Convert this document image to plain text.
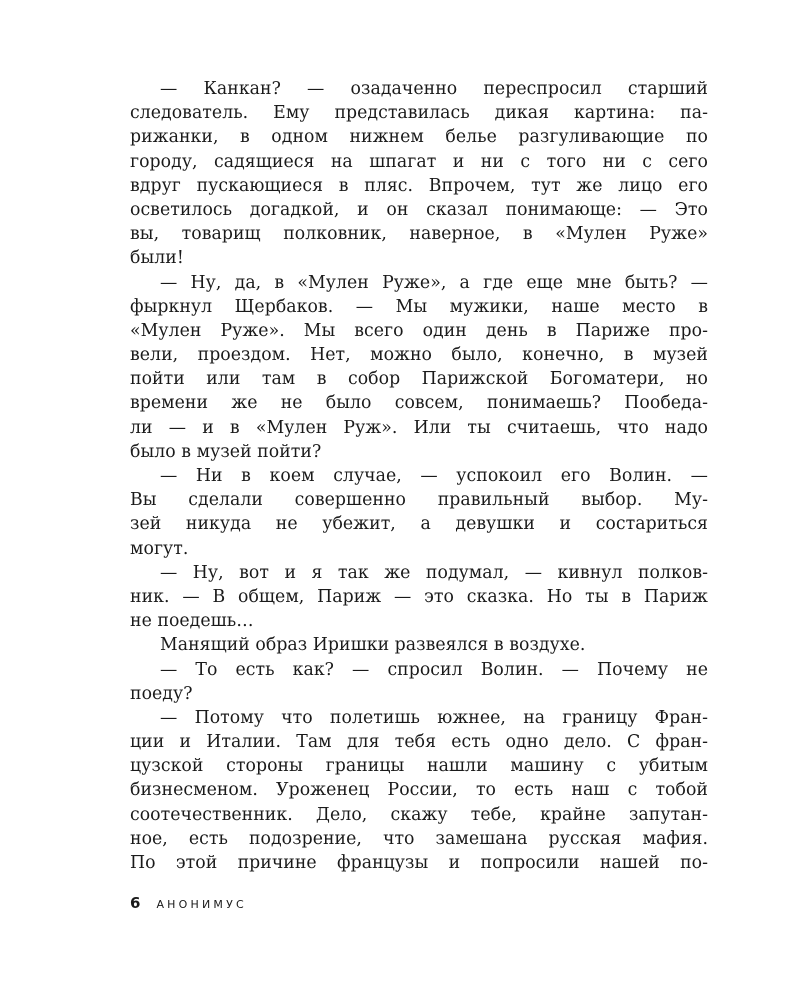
— Канкан? — озадаченно переспросил старший
следователь. Ему представилась дикая картина: па-
рижанки, в одном нижнем белье разгуливающие по
городу, садящиеся на шпагат и ни с того ни с сего
вдруг пускающиеся в пляс. Впрочем, тут же лицо его
осветилось догадкой, и он сказал понимающе: — Это
вы, товарищ полковник, наверное, в «Мулен Руже»
были!
— Ну, да, в «Мулен Руже», а где еще мне быть? —
фыркнул Щербаков. — Мы мужики, наше место в
«Мулен Руже». Мы всего один день в Париже про-
вели, проездом. Нет, можно было, конечно, в музей
пойти или там в собор Парижской Богоматери, но
времени же не было совсем, понимаешь? Пообеда-
ли — и в «Мулен Руж». Или ты считаешь, что надо
было в музей пойти?
— Ни в коем случае, — успокоил его Волин. —
Вы сделали совершенно правильный выбор. Му-
зей никуда не убежит, а девушки и состариться
могут.
— Ну, вот и я так же подумал, — кивнул полков-
ник. — В общем, Париж — это сказка. Но ты в Париж
не поедешь…
Манящий образ Иришки развеялся в воздухе.
— То есть как? — спросил Волин. — Почему не
поеду?
— Потому что полетишь южнее, на границу Фран-
ции и Италии. Там для тебя есть одно дело. С фран-
цузской стороны границы нашли машину с убитым
бизнесменом. Уроженец России, то есть наш с тобой
соотечественник. Дело, скажу тебе, крайне запутан-
ное, есть подозрение, что замешана русская мафия.
По этой причине французы и попросили нашей по-
6 АНОНИМУС
